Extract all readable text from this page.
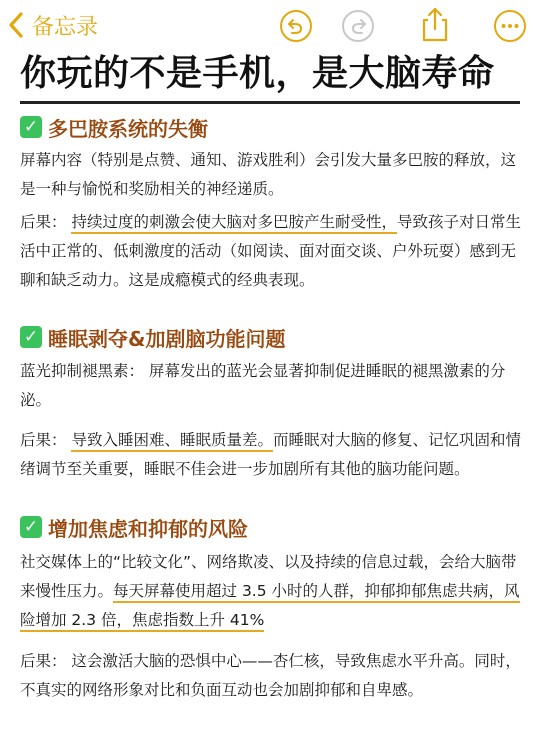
备忘录
你玩的不是手机，是大脑寿命
✓ 多巴胺系统的失衡
屏幕内容（特别是点赞、通知、游戏胜利）会引发大量多巴胺的释放，这是一种与愉悦和奖励相关的神经递质。
后果： 持续过度的刺激会使大脑对多巴胺产生耐受性，导致孩子对日常生活中正常的、低刺激度的活动（如阅读、面对面交谈、户外玩耍）感到无聊和缺乏动力。这是成瘾模式的经典表现。
✓ 睡眠剥夺&加剧脑功能问题
蓝光抑制褪黑素： 屏幕发出的蓝光会显著抑制促进睡眠的褪黑激素的分泌。
后果： 导致入睡困难、睡眠质量差。而睡眠对大脑的修复、记忆巩固和情绪调节至关重要，睡眠不佳会进一步加剧所有其他的脑功能问题。
✓ 增加焦虑和抑郁的风险
社交媒体上的“比较文化”、网络欺凌、以及持续的信息过载，会给大脑带来慢性压力。每天屏幕使用超过 3.5 小时的人群，抑郁抑郁焦虑共病，风险增加 2.3 倍，焦虑指数上升 41%
后果： 这会激活大脑的恐惧中心——杏仁核，导致焦虑水平升高。同时，不真实的网络形象对比和负面互动也会加剧抑郁和自卑感。
